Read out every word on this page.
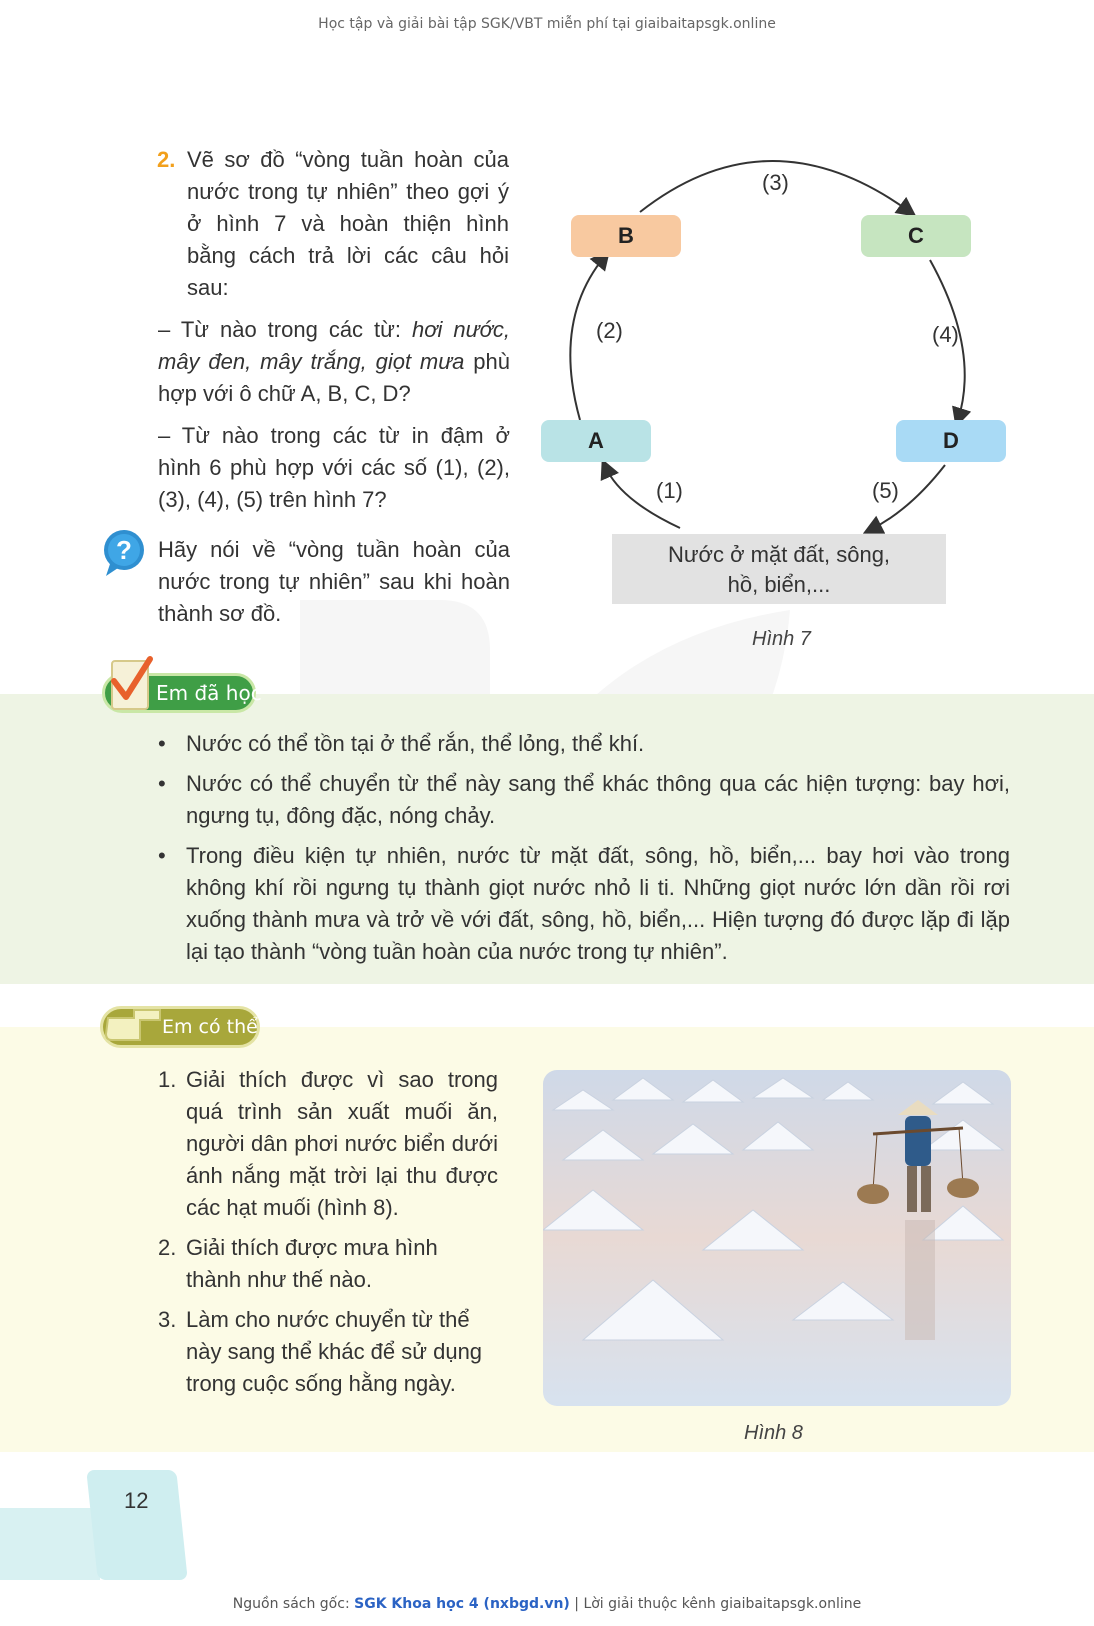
Học tập và giải bài tập SGK/VBT miễn phí tại giaibaitapsgk.online
2. Vẽ sơ đồ “vòng tuần hoàn của nước trong tự nhiên” theo gợi ý ở hình 7 và hoàn thiện hình bằng cách trả lời các câu hỏi sau:
– Từ nào trong các từ: hơi nước, mây đen, mây trắng, giọt mưa phù hợp với ô chữ A, B, C, D?
– Từ nào trong các từ in đậm ở hình 6 phù hợp với các số (1), (2), (3), (4), (5) trên hình 7?
? Hãy nói về “vòng tuần hoàn của nước trong tự nhiên” sau khi hoàn thành sơ đồ.
B	C
A	D
(3)
(2)	(4)
(1)	(5)
Nước ở mặt đất, sông,
hồ, biển,...
Hình 7
Em đã học
• Nước có thể tồn tại ở thể rắn, thể lỏng, thể khí.
• Nước có thể chuyển từ thể này sang thể khác thông qua các hiện tượng: bay hơi, ngưng tụ, đông đặc, nóng chảy.
• Trong điều kiện tự nhiên, nước từ mặt đất, sông, hồ, biển,... bay hơi vào trong không khí rồi ngưng tụ thành giọt nước nhỏ li ti. Những giọt nước lớn dần rồi rơi xuống thành mưa và trở về với đất, sông, hồ, biển,... Hiện tượng đó được lặp đi lặp lại tạo thành “vòng tuần hoàn của nước trong tự nhiên”.
Em có thể
1. Giải thích được vì sao trong quá trình sản xuất muối ăn, người dân phơi nước biển dưới ánh nắng mặt trời lại thu được các hạt muối (hình 8).
2. Giải thích được mưa hình thành như thế nào.
3. Làm cho nước chuyển từ thể này sang thể khác để sử dụng trong cuộc sống hằng ngày.
Hình 8
12
Nguồn sách gốc: SGK Khoa học 4 (nxbgd.vn) | Lời giải thuộc kênh giaibaitapsgk.online
